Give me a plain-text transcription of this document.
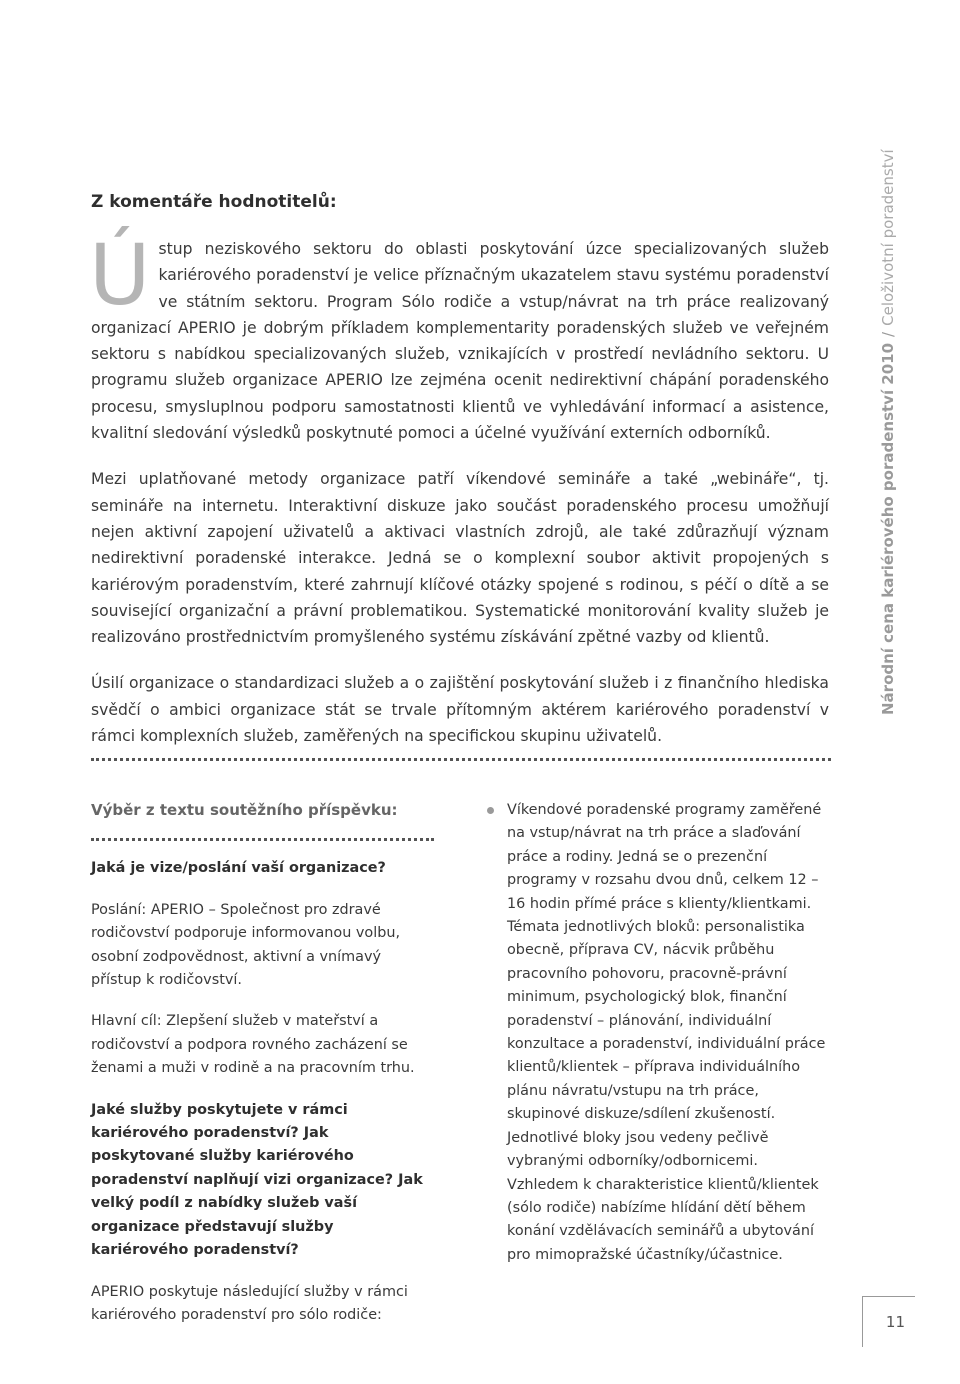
Z komentáře hodnotitelů:

Ústup neziskového sektoru do oblasti poskytování úzce specializovaných služeb kariérového poradenství je velice příznačným ukazatelem stavu systému poradenství ve státním sektoru. Program Sólo rodiče a vstup/návrat na trh práce realizovaný organizací APERIO je dobrým příkladem komplementarity poradenských služeb ve veřejném sektoru s nabídkou specializovaných služeb, vznikajících v prostředí nevládního sektoru. U programu služeb organizace APERIO lze zejména ocenit nedirektivní chápání poradenského procesu, smysluplnou podporu samostatnosti klientů ve vyhledávání informací a asistence, kvalitní sledování výsledků poskytnuté pomoci a účelné využívání externích odborníků.

Mezi uplatňované metody organizace patří víkendové semináře a také „webináře“, tj. semináře na internetu. Interaktivní diskuze jako součást poradenského procesu umožňují nejen aktivní zapojení uživatelů a aktivaci vlastních zdrojů, ale také zdůrazňují význam nedirektivní poradenské interakce. Jedná se o komplexní soubor aktivit propojených s kariérovým poradenstvím, které zahrnují klíčové otázky spojené s rodinou, s péčí o dítě a se související organizační a právní problematikou. Systematické monitorování kvality služeb je realizováno prostřednictvím promyšleného systému získávání zpětné vazby od klientů.

Úsilí organizace o standardizaci služeb a o zajištění poskytování služeb i z finančního hlediska svědčí o ambici organizace stát se trvale přítomným aktérem kariérového poradenství v rámci komplexních služeb, zaměřených na specifickou skupinu uživatelů.

Výběr z textu soutěžního příspěvku:

Jaká je vize/poslání vaší organizace?

Poslání: APERIO – Společnost pro zdravé rodičovství podporuje informovanou volbu, osobní zodpovědnost, aktivní a vnímavý přístup k rodičovství.

Hlavní cíl: Zlepšení služeb v mateřství a rodičovství a podpora rovného zacházení se ženami a muži v rodině a na pracovním trhu.

Jaké služby poskytujete v rámci kariérového poradenství? Jak poskytované služby kariérového poradenství naplňují vizi organizace? Jak velký podíl z nabídky služeb vaší organizace představují služby kariérového poradenství?

APERIO poskytuje následující služby v rámci kariérového poradenství pro sólo rodiče:

Víkendové poradenské programy zaměřené na vstup/návrat na trh práce a slaďování práce a rodiny. Jedná se o prezenční programy v rozsahu dvou dnů, celkem 12 – 16 hodin přímé práce s klienty/klientkami. Témata jednotlivých bloků: personalistika obecně, příprava CV, nácvik průběhu pracovního pohovoru, pracovně-právní minimum, psychologický blok, finanční poradenství – plánování, individuální konzultace a poradenství, individuální práce klientů/klientek – příprava individuálního plánu návratu/vstupu na trh práce, skupinové diskuze/sdílení zkušeností. Jednotlivé bloky jsou vedeny pečlivě vybranými odborníky/odbornicemi. Vzhledem k charakteristice klientů/klientek (sólo rodiče) nabízíme hlídání dětí během konání vzdělávacích seminářů a ubytování pro mimopražské účastníky/účastnice.

Národní cena kariérového poradenství 2010/Celoživotní poradenství
11
